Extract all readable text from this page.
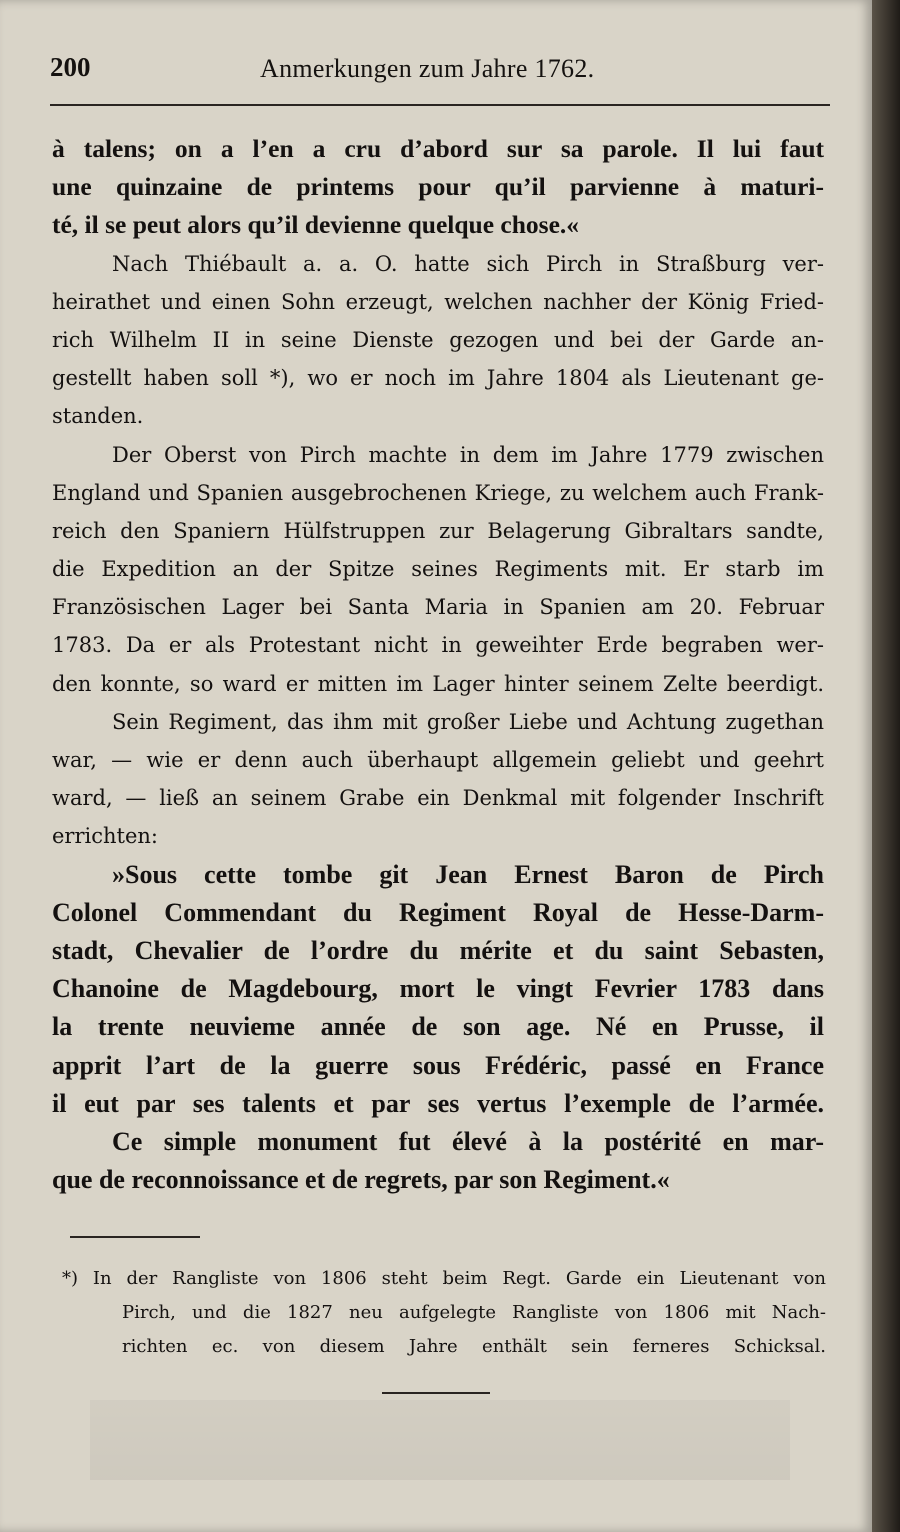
200	Anmerkungen zum Jahre 1762.
à talens; on a l’en a cru d’abord sur sa parole. Il lui faut
une quinzaine de printems pour qu’il parvienne à maturi-
té, il se peut alors qu’il devienne quelque chose.«
Nach Thiébault a. a. O. hatte sich Pirch in Straßburg ver-
heirathet und einen Sohn erzeugt, welchen nachher der König Fried-
rich Wilhelm II in seine Dienste gezogen und bei der Garde an-
gestellt haben soll *), wo er noch im Jahre 1804 als Lieutenant ge-
standen.
Der Oberst von Pirch machte in dem im Jahre 1779 zwischen
England und Spanien ausgebrochenen Kriege, zu welchem auch Frank-
reich den Spaniern Hülfstruppen zur Belagerung Gibraltars sandte,
die Expedition an der Spitze seines Regiments mit. Er starb im
Französischen Lager bei Santa Maria in Spanien am 20. Februar
1783. Da er als Protestant nicht in geweihter Erde begraben wer-
den konnte, so ward er mitten im Lager hinter seinem Zelte beerdigt.
Sein Regiment, das ihm mit großer Liebe und Achtung zugethan
war, — wie er denn auch überhaupt allgemein geliebt und geehrt
ward, — ließ an seinem Grabe ein Denkmal mit folgender Inschrift
errichten:
»Sous cette tombe git Jean Ernest Baron de Pirch
Colonel Commendant du Regiment Royal de Hesse-Darm-
stadt, Chevalier de l’ordre du mérite et du saint Sebasten,
Chanoine de Magdebourg, mort le vingt Fevrier 1783 dans
la trente neuvieme année de son age. Né en Prusse, il
apprit l’art de la guerre sous Frédéric, passé en France
il eut par ses talents et par ses vertus l’exemple de l’armée.
Ce simple monument fut élevé à la postérité en mar-
que de reconnoissance et de regrets, par son Regiment.«
*) In der Rangliste von 1806 steht beim Regt. Garde ein Lieutenant von
Pirch, und die 1827 neu aufgelegte Rangliste von 1806 mit Nach-
richten ec. von diesem Jahre enthält sein ferneres Schicksal.
